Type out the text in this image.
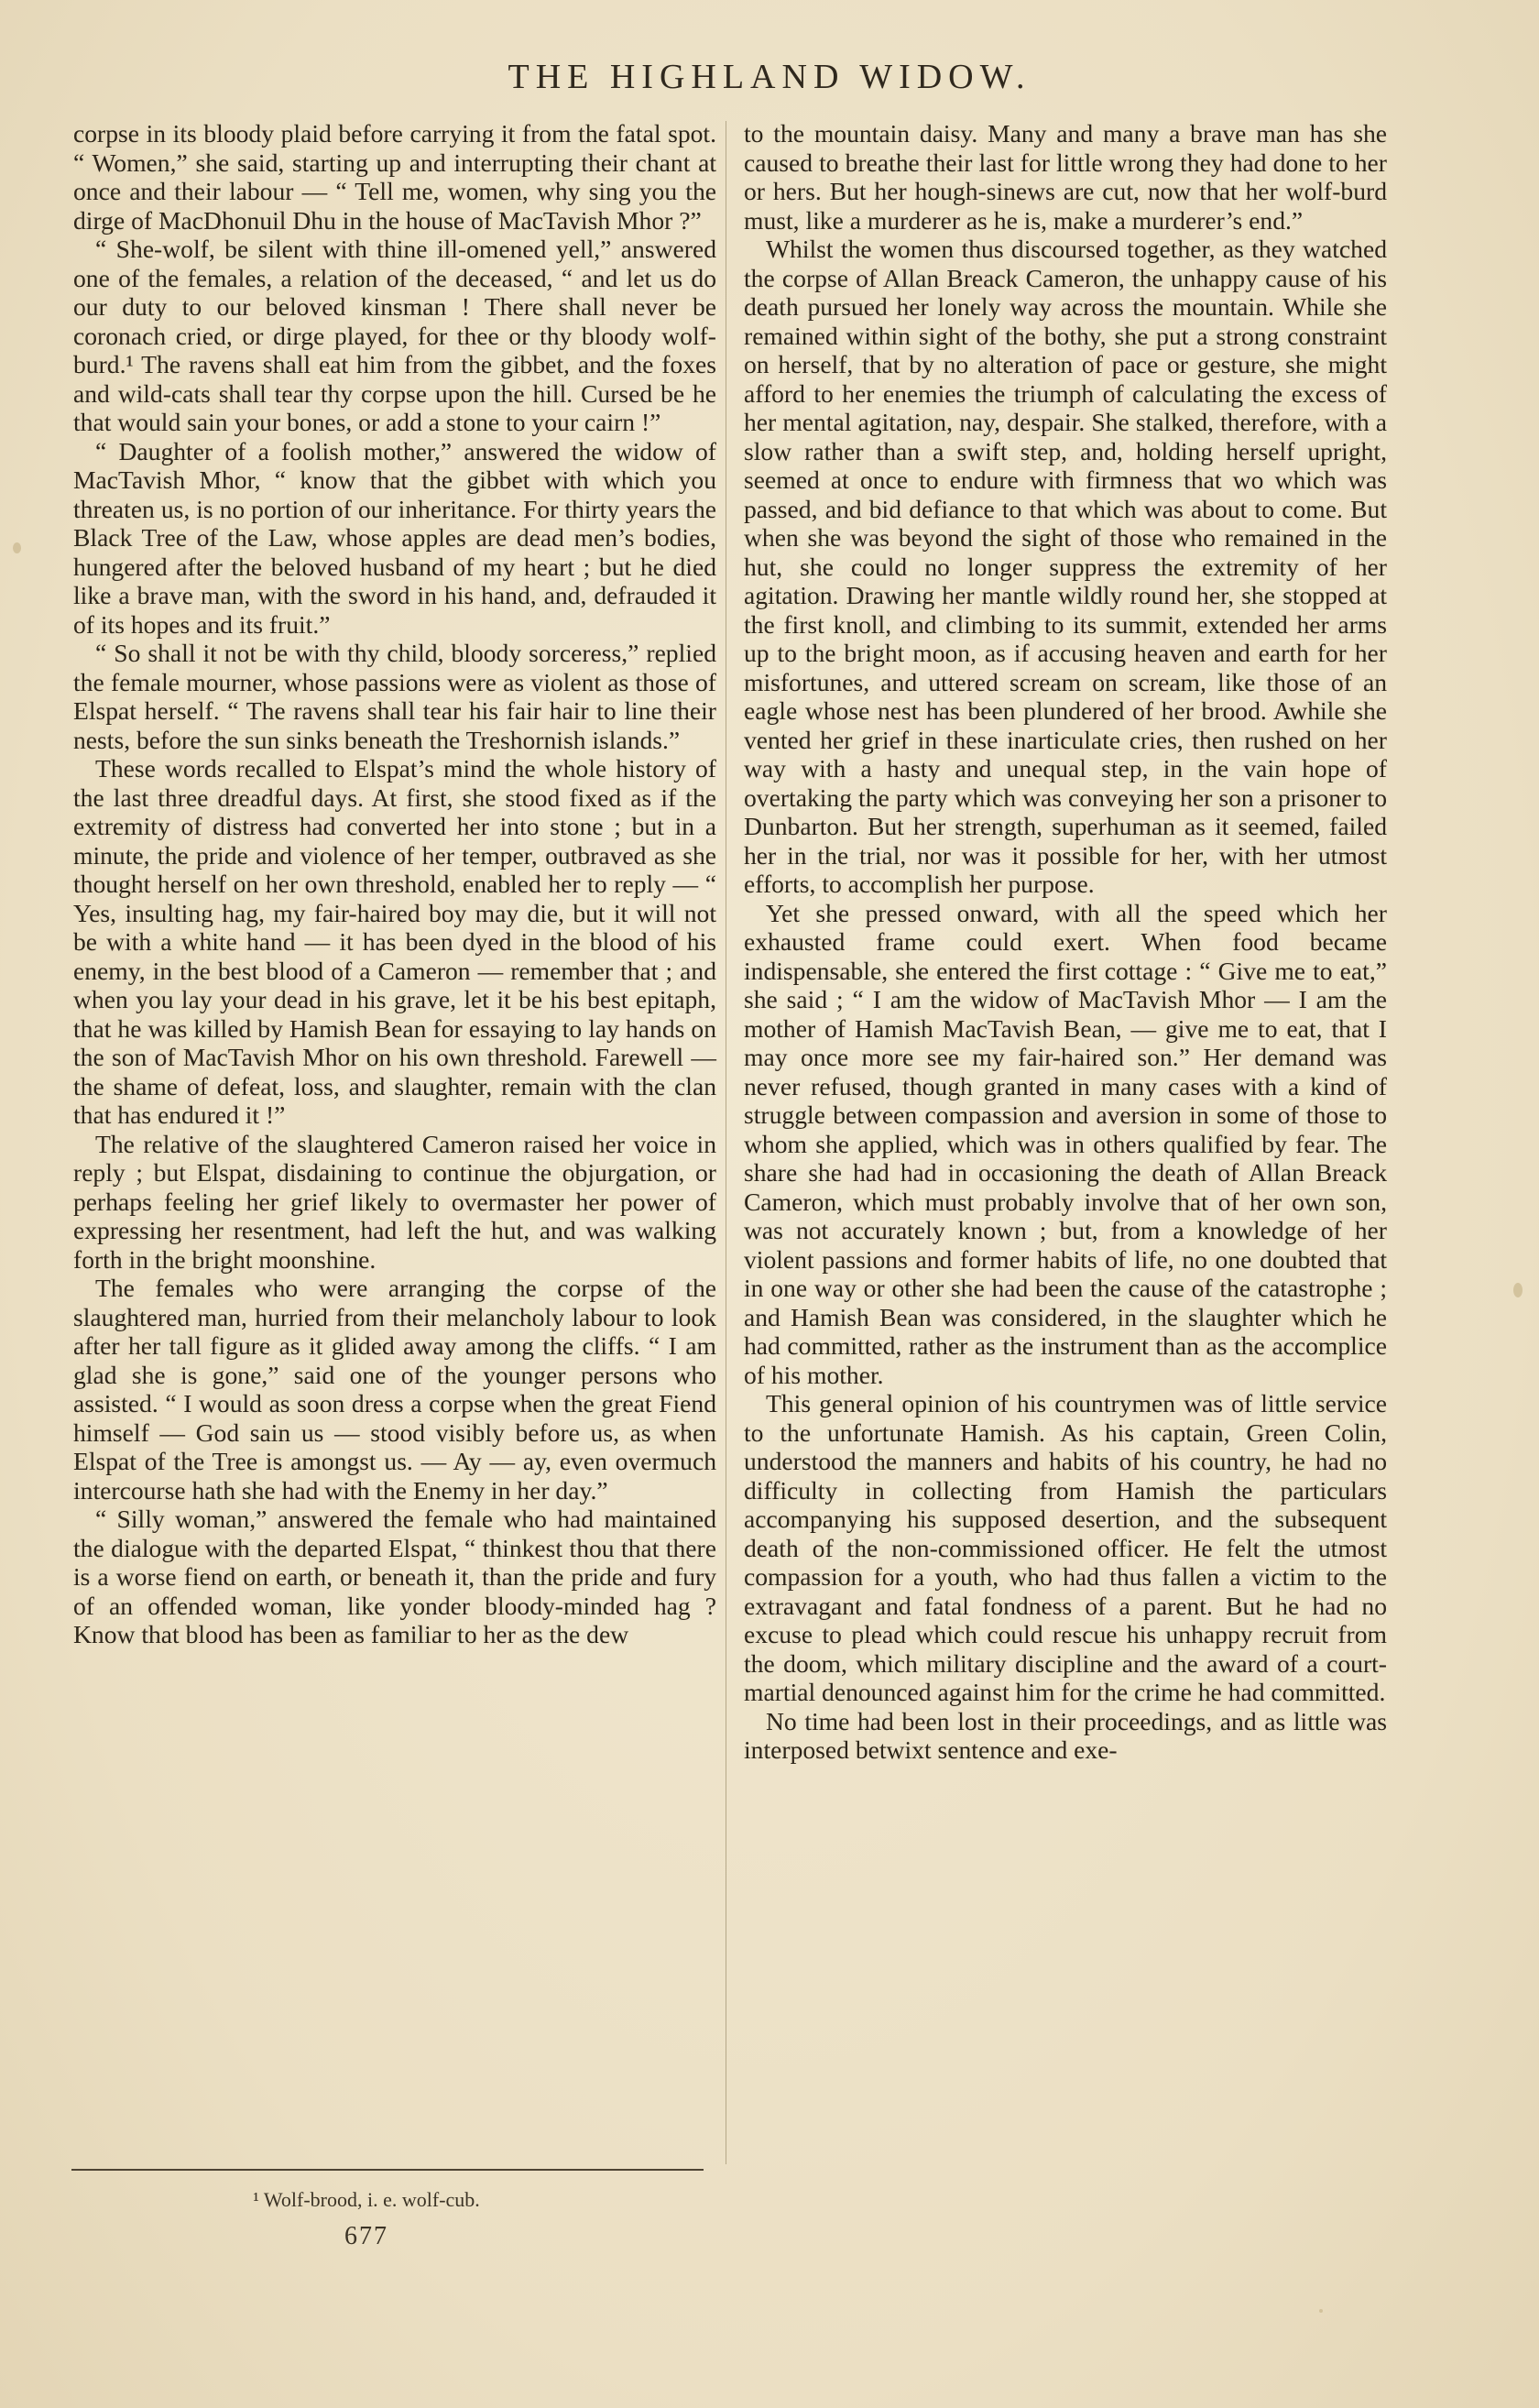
THE HIGHLAND WIDOW.

corpse in its bloody plaid before carrying it from the fatal spot. “ Women,” she said, starting up and interrupting their chant at once and their labour — “ Tell me, women, why sing you the dirge of MacDhonuil Dhu in the house of MacTavish Mhor ?”

“ She-wolf, be silent with thine ill-omened yell,” answered one of the females, a relation of the deceased, “ and let us do our duty to our beloved kinsman ! There shall never be coronach cried, or dirge played, for thee or thy bloody wolf-burd.¹ The ravens shall eat him from the gibbet, and the foxes and wild-cats shall tear thy corpse upon the hill. Cursed be he that would sain your bones, or add a stone to your cairn !”

“ Daughter of a foolish mother,” answered the widow of MacTavish Mhor, “ know that the gibbet with which you threaten us, is no portion of our inheritance. For thirty years the Black Tree of the Law, whose apples are dead men’s bodies, hungered after the beloved husband of my heart ; but he died like a brave man, with the sword in his hand, and, defrauded it of its hopes and its fruit.”

“ So shall it not be with thy child, bloody sorceress,” replied the female mourner, whose passions were as violent as those of Elspat herself. “ The ravens shall tear his fair hair to line their nests, before the sun sinks beneath the Treshornish islands.”

These words recalled to Elspat’s mind the whole history of the last three dreadful days. At first, she stood fixed as if the extremity of distress had converted her into stone ; but in a minute, the pride and violence of her temper, outbraved as she thought herself on her own threshold, enabled her to reply — “ Yes, insulting hag, my fair-haired boy may die, but it will not be with a white hand — it has been dyed in the blood of his enemy, in the best blood of a Cameron — remember that ; and when you lay your dead in his grave, let it be his best epitaph, that he was killed by Hamish Bean for essaying to lay hands on the son of MacTavish Mhor on his own threshold. Farewell — the shame of defeat, loss, and slaughter, remain with the clan that has endured it !”

The relative of the slaughtered Cameron raised her voice in reply ; but Elspat, disdaining to continue the objurgation, or perhaps feeling her grief likely to overmaster her power of expressing her resentment, had left the hut, and was walking forth in the bright moonshine.

The females who were arranging the corpse of the slaughtered man, hurried from their melancholy labour to look after her tall figure as it glided away among the cliffs. “ I am glad she is gone,” said one of the younger persons who assisted. “ I would as soon dress a corpse when the great Fiend himself — God sain us — stood visibly before us, as when Elspat of the Tree is amongst us. — Ay — ay, even overmuch intercourse hath she had with the Enemy in her day.”

“ Silly woman,” answered the female who had maintained the dialogue with the departed Elspat, “ thinkest thou that there is a worse fiend on earth, or beneath it, than the pride and fury of an offended woman, like yonder bloody-minded hag ? Know that blood has been as familiar to her as the dew

to the mountain daisy. Many and many a brave man has she caused to breathe their last for little wrong they had done to her or hers. But her hough-sinews are cut, now that her wolf-burd must, like a murderer as he is, make a murderer’s end.”

Whilst the women thus discoursed together, as they watched the corpse of Allan Breack Cameron, the unhappy cause of his death pursued her lonely way across the mountain. While she remained within sight of the bothy, she put a strong constraint on herself, that by no alteration of pace or gesture, she might afford to her enemies the triumph of calculating the excess of her mental agitation, nay, despair. She stalked, therefore, with a slow rather than a swift step, and, holding herself upright, seemed at once to endure with firmness that wo which was passed, and bid defiance to that which was about to come. But when she was beyond the sight of those who remained in the hut, she could no longer suppress the extremity of her agitation. Drawing her mantle wildly round her, she stopped at the first knoll, and climbing to its summit, extended her arms up to the bright moon, as if accusing heaven and earth for her misfortunes, and uttered scream on scream, like those of an eagle whose nest has been plundered of her brood. Awhile she vented her grief in these inarticulate cries, then rushed on her way with a hasty and unequal step, in the vain hope of overtaking the party which was conveying her son a prisoner to Dunbarton. But her strength, superhuman as it seemed, failed her in the trial, nor was it possible for her, with her utmost efforts, to accomplish her purpose.

Yet she pressed onward, with all the speed which her exhausted frame could exert. When food became indispensable, she entered the first cottage : “ Give me to eat,” she said ; “ I am the widow of MacTavish Mhor — I am the mother of Hamish MacTavish Bean, — give me to eat, that I may once more see my fair-haired son.” Her demand was never refused, though granted in many cases with a kind of struggle between compassion and aversion in some of those to whom she applied, which was in others qualified by fear. The share she had had in occasioning the death of Allan Breack Cameron, which must probably involve that of her own son, was not accurately known ; but, from a knowledge of her violent passions and former habits of life, no one doubted that in one way or other she had been the cause of the catastrophe ; and Hamish Bean was considered, in the slaughter which he had committed, rather as the instrument than as the accomplice of his mother.

This general opinion of his countrymen was of little service to the unfortunate Hamish. As his captain, Green Colin, understood the manners and habits of his country, he had no difficulty in collecting from Hamish the particulars accompanying his supposed desertion, and the subsequent death of the non-commissioned officer. He felt the utmost compassion for a youth, who had thus fallen a victim to the extravagant and fatal fondness of a parent. But he had no excuse to plead which could rescue his unhappy recruit from the doom, which military discipline and the award of a court-martial denounced against him for the crime he had committed.

No time had been lost in their proceedings, and as little was interposed betwixt sentence and exe-

¹ Wolf-brood, i. e. wolf-cub.
677
